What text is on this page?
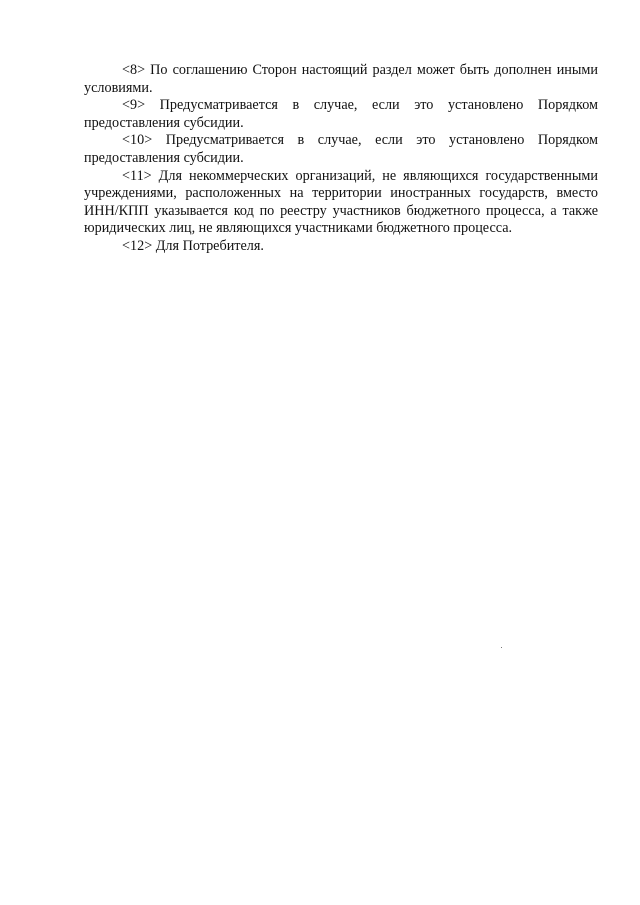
<8> По соглашению Сторон настоящий раздел может быть дополнен иными условиями.

<9> Предусматривается в случае, если это установлено Порядком предоставления субсидии.

<10> Предусматривается в случае, если это установлено Порядком предоставления субсидии.

<11> Для некоммерческих организаций, не являющихся государственными учреждениями, расположенных на территории иностранных государств, вместо ИНН/КПП указывается код по реестру участников бюджетного процесса, а также юридических лиц, не являющихся участниками бюджетного процесса.

<12> Для Потребителя.
